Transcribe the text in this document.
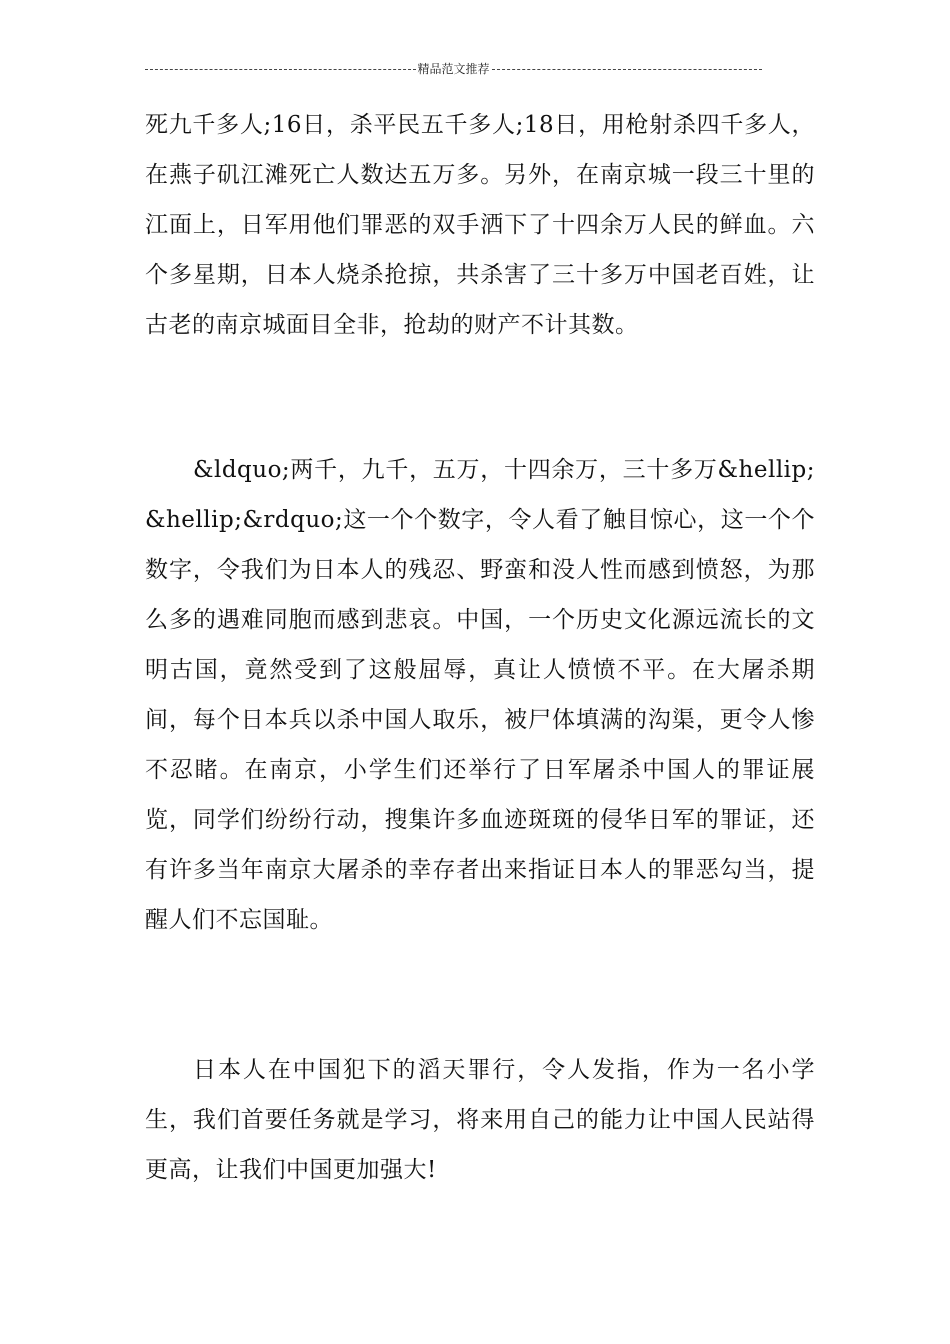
精品范文推荐

死九千多人;16日，杀平民五千多人;18日，用枪射杀四千多人，在燕子矶江滩死亡人数达五万多。另外，在南京城一段三十里的江面上，日军用他们罪恶的双手洒下了十四余万人民的鲜血。六个多星期，日本人烧杀抢掠，共杀害了三十多万中国老百姓，让古老的南京城面目全非，抢劫的财产不计其数。

&ldquo;两千，九千，五万，十四余万，三十多万&hellip;&hellip;&rdquo;这一个个数字，令人看了触目惊心，这一个个数字，令我们为日本人的残忍、野蛮和没人性而感到愤怒，为那么多的遇难同胞而感到悲哀。中国，一个历史文化源远流长的文明古国，竟然受到了这般屈辱，真让人愤愤不平。在大屠杀期间，每个日本兵以杀中国人取乐，被尸体填满的沟渠，更令人惨不忍睹。在南京，小学生们还举行了日军屠杀中国人的罪证展览，同学们纷纷行动，搜集许多血迹斑斑的侵华日军的罪证，还有许多当年南京大屠杀的幸存者出来指证日本人的罪恶勾当，提醒人们不忘国耻。

日本人在中国犯下的滔天罪行，令人发指，作为一名小学生，我们首要任务就是学习，将来用自己的能力让中国人民站得更高，让我们中国更加强大!
